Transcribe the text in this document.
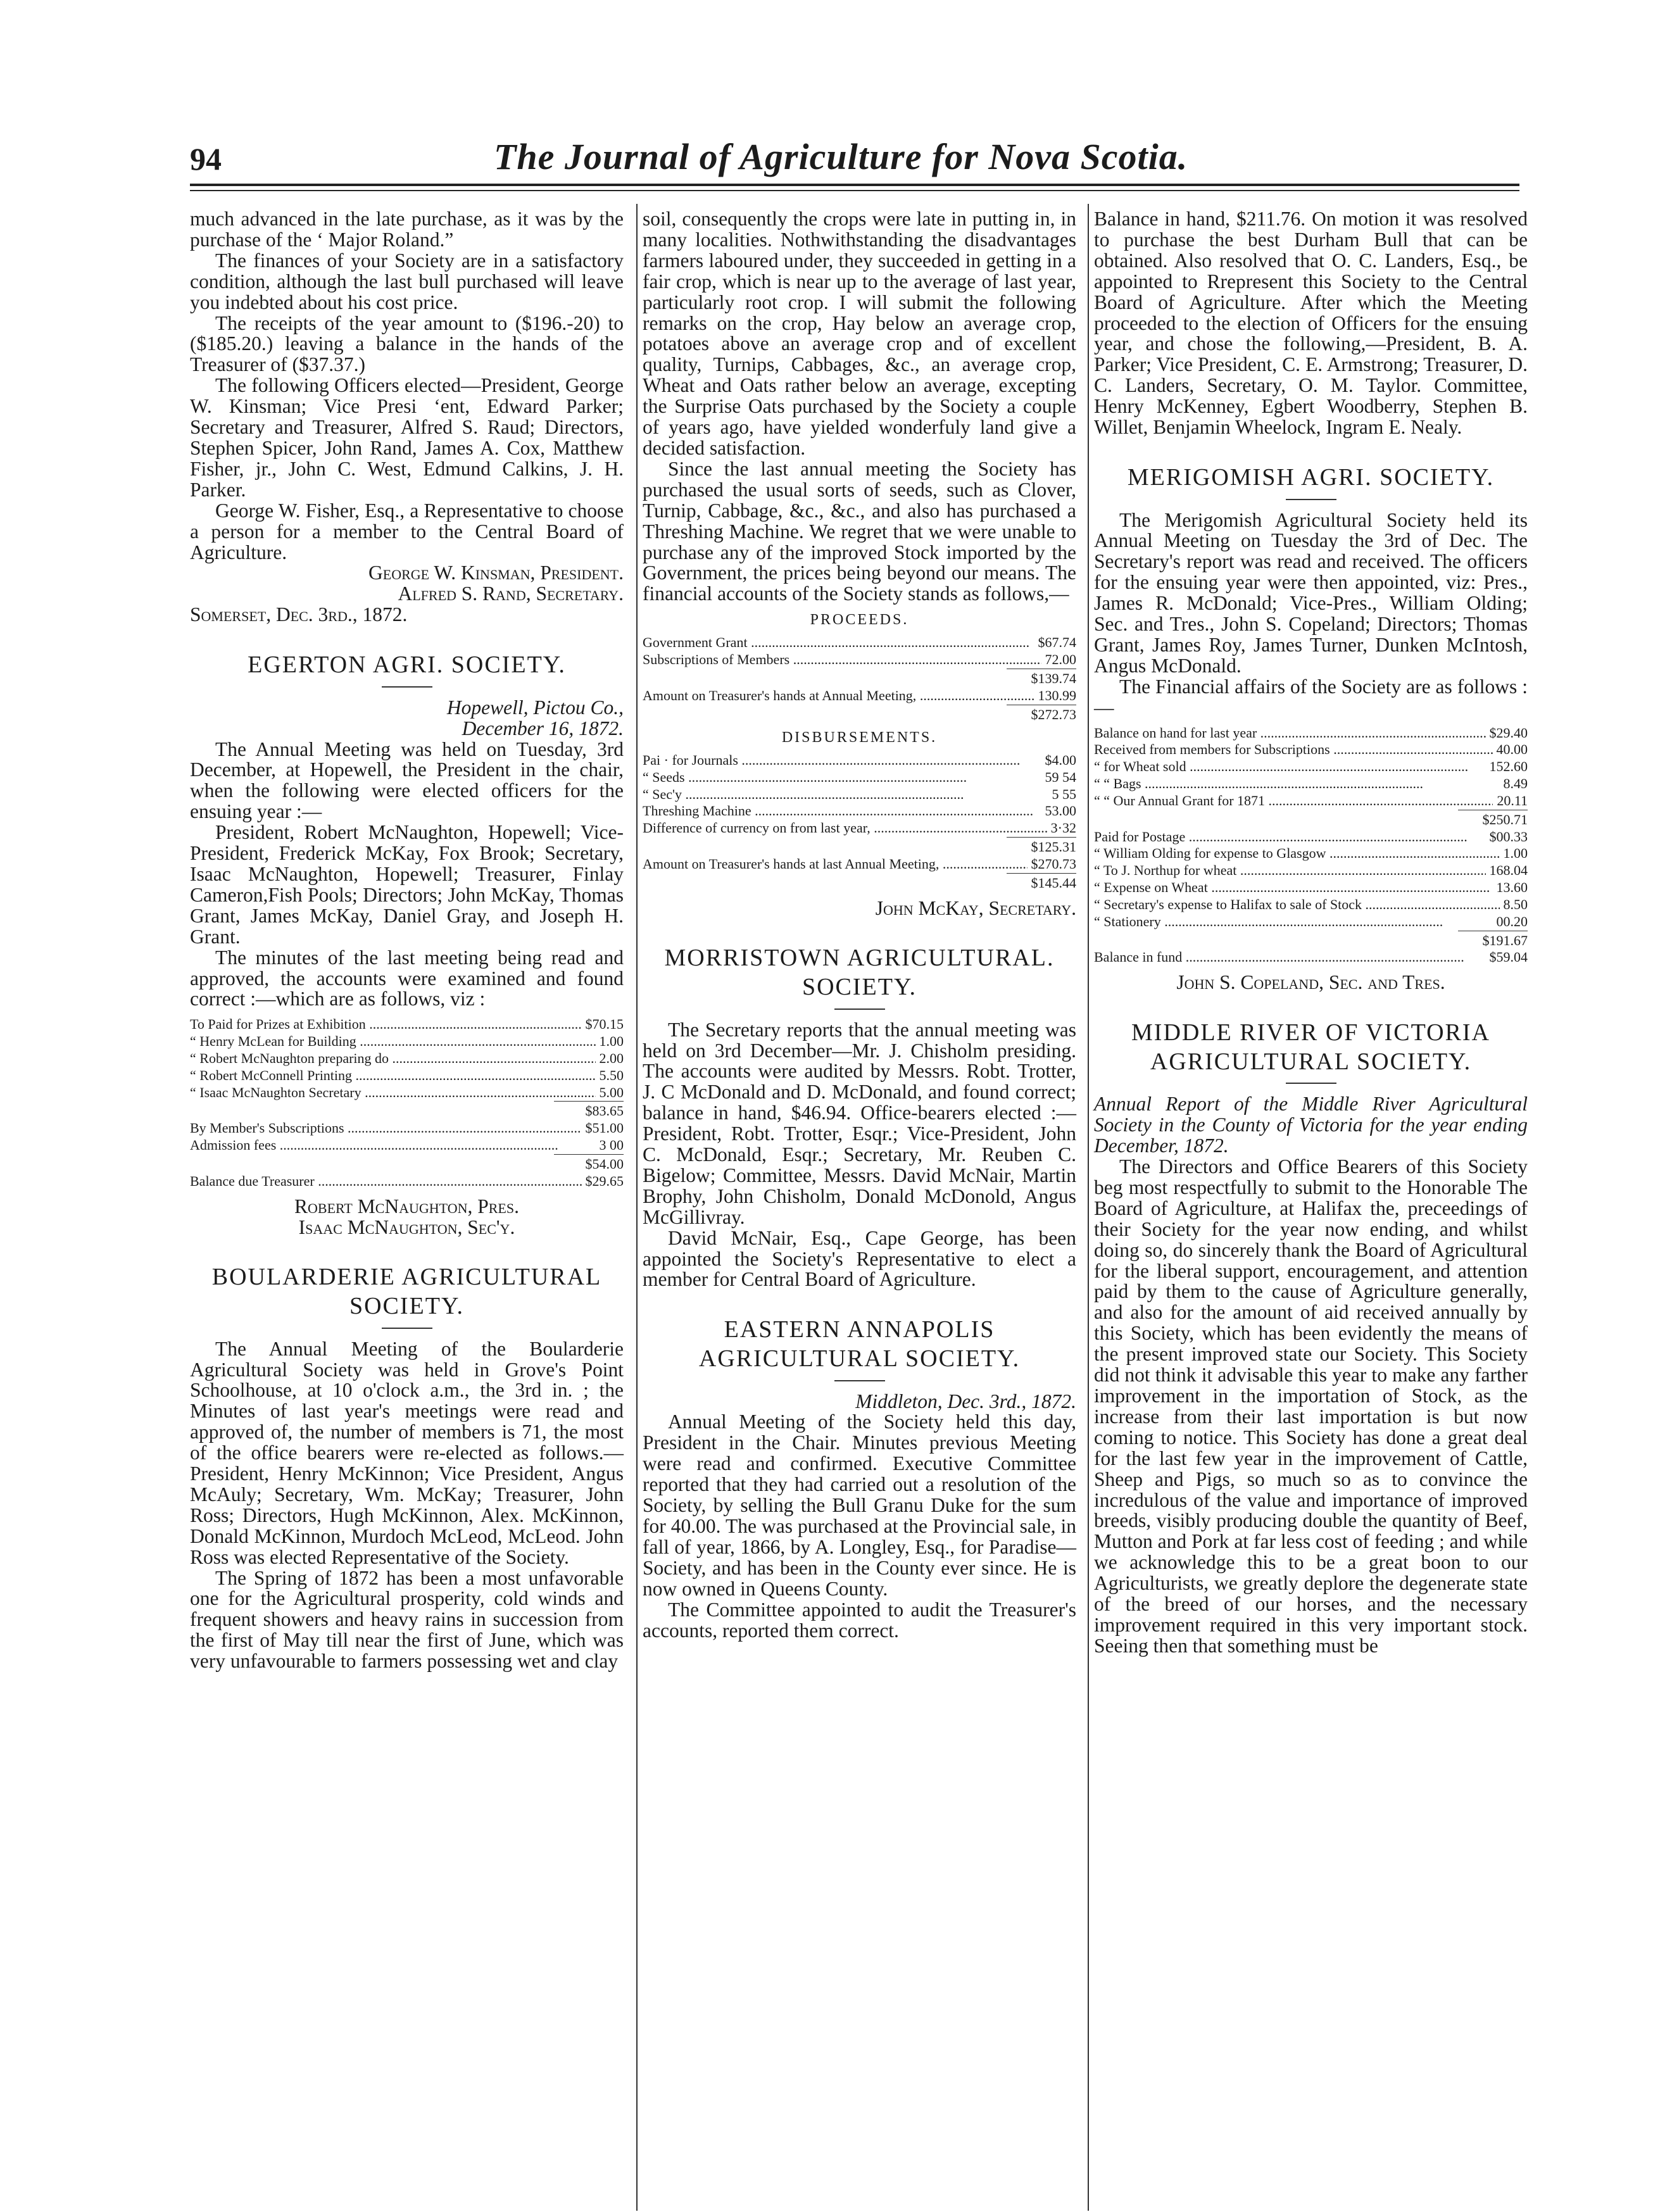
94	The Journal of Agriculture for Nova Scotia.

much advanced in the late purchase, as it was by the purchase of the ‘ Major Roland.”

The finances of your Society are in a satisfactory condition, although the last bull purchased will leave you indebted about his cost price.

The receipts of the year amount to ($196.-20) to ($185.20.) leaving a balance in the hands of the Treasurer of ($37.37.)

The following Officers elected—President, George W. Kinsman; Vice Presi ‘ent, Edward Parker; Secretary and Treasurer, Alfred S. Raud; Directors, Stephen Spicer, John Rand, James A. Cox, Matthew Fisher, jr., John C. West, Edmund Calkins, J. H. Parker.

George W. Fisher, Esq., a Representative to choose a person for a member to the Central Board of Agriculture.

George W. Kinsman, President.

Alfred S. Rand, Secretary.

Somerset, Dec. 3rd., 1872.

EGERTON AGRI. SOCIETY.

Hopewell, Pictou Co.,

December 16, 1872.

The Annual Meeting was held on Tuesday, 3rd December, at Hopewell, the President in the chair, when the following were elected officers for the ensuing year :—

President, Robert McNaughton, Hopewell; Vice-President, Frederick McKay, Fox Brook; Secretary, Isaac McNaughton, Hopewell; Treasurer, Finlay Cameron,Fish Pools; Directors; John McKay, Thomas Grant, James McKay, Daniel Gray, and Joseph H. Grant.

The minutes of the last meeting being read and approved, the accounts were examined and found correct :—which are as follows, viz :

To Paid for Prizes at Exhibition .....	$70.15
“ Henry McLean for Building .....	1.00
“ Robert McNaughton preparing do .....	2.00
“ Robert McConnell Printing .....	5.50
“ Isaac McNaughton Secretary .....	5.00
$83.65
By Member's Subscriptions .....	$51.00
Admission fees .....	3 00
$54.00
Balance due Treasurer .....	$29.65

Robert McNaughton, Pres.

Isaac McNaughton, Sec'y.

BOULARDERIE AGRICULTURAL SOCIETY.

The Annual Meeting of the Boularderie Agricultural Society was held in Grove's Point Schoolhouse, at 10 o'clock a.m., the 3rd in. ; the Minutes of last year's meetings were read and approved of, the number of members is 71, the most of the office bearers were re-elected as follows.—President, Henry McKinnon; Vice President, Angus McAuly; Secretary, Wm. McKay; Treasurer, John Ross; Directors, Hugh McKinnon, Alex. McKinnon, Donald McKinnon, Murdoch McLeod, McLeod. John Ross was elected Representative of the Society.

The Spring of 1872 has been a most unfavorable one for the Agricultural prosperity, cold winds and frequent showers and heavy rains in succession from the first of May till near the first of June, which was very unfavourable to farmers possessing wet and clay

soil, consequently the crops were late in putting in, in many localities. Nothwithstanding the disadvantages farmers laboured under, they succeeded in getting in a fair crop, which is near up to the average of last year, particularly root crop. I will submit the following remarks on the crop, Hay below an average crop, potatoes above an average crop and of excellent quality, Turnips, Cabbages, &c., an average crop, Wheat and Oats rather below an average, excepting the Surprise Oats purchased by the Society a couple of years ago, have yielded wonderfuly land give a decided satisfaction.

Since the last annual meeting the Society has purchased the usual sorts of seeds, such as Clover, Turnip, Cabbage, &c., &c., and also has purchased a Threshing Machine. We regret that we were unable to purchase any of the improved Stock imported by the Government, the prices being beyond our means. The financial accounts of the Society stands as follows,—

PROCEEDS.
Government Grant .....	$67.74
Subscriptions of Members .....	72.00
$139.74
Amount on Treasurer's hands at Annual Meeting, .....	130.99
$272.73
DISBURSEMENTS.
Pai · for Journals .....	$4.00
“ Seeds .....	59 54
“ Sec'y .....	5 55
Threshing Machine .....	53.00
Difference of currency on from last year, .....	3·32
$125.31
Amount on Treasurer's hands at last Annual Meeting, .....	$270.73
$145.44

John McKay, Secretary.

MORRISTOWN AGRICULTURAL. SOCIETY.

The Secretary reports that the annual meeting was held on 3rd December—Mr. J. Chisholm presiding. The accounts were audited by Messrs. Robt. Trotter, J. C McDonald and D. McDonald, and found correct; balance in hand, $46.94. Office-bearers elected :—President, Robt. Trotter, Esqr.; Vice-President, John C. McDonald, Esqr.; Secretary, Mr. Reuben C. Bigelow; Committee, Messrs. David McNair, Martin Brophy, John Chisholm, Donald McDonold, Angus McGillivray.

David McNair, Esq., Cape George, has been appointed the Society's Representative to elect a member for Central Board of Agriculture.

EASTERN ANNAPOLIS AGRICULTURAL SOCIETY.

Middleton, Dec. 3rd., 1872.

Annual Meeting of the Society held this day, President in the Chair. Minutes previous Meeting were read and confirmed. Executive Committee reported that they had carried out a resolution of the Society, by selling the Bull Granu Duke for the sum for 40.00. The was purchased at the Provincial sale, in fall of year, 1866, by A. Longley, Esq., for Paradise—Society, and has been in the County ever since. He is now owned in Queens County.

The Committee appointed to audit the Treasurer's accounts, reported them correct.

Balance in hand, $211.76. On motion it was resolved to purchase the best Durham Bull that can be obtained. Also resolved that O. C. Landers, Esq., be appointed to Rrepresent this Society to the Central Board of Agriculture. After which the Meeting proceeded to the election of Officers for the ensuing year, and chose the following,—President, B. A. Parker; Vice President, C. E. Armstrong; Treasurer, D. C. Landers, Secretary, O. M. Taylor. Committee, Henry McKenney, Egbert Woodberry, Stephen B. Willet, Benjamin Wheelock, Ingram E. Nealy.

MERIGOMISH AGRI. SOCIETY.

The Merigomish Agricultural Society held its Annual Meeting on Tuesday the 3rd of Dec. The Secretary's report was read and received. The officers for the ensuing year were then appointed, viz: Pres., James R. McDonald; Vice-Pres., William Olding; Sec. and Tres., John S. Copeland; Directors; Thomas Grant, James Roy, James Turner, Dunken McIntosh, Angus McDonald.

The Financial affairs of the Society are as follows :—

Balance on hand for last year .....	$29.40
Received from members for Subscriptions .....	40.00
“ for Wheat sold .....	152.60
“ “ Bags .....	8.49
“ “ Our Annual Grant for 1871 .....	20.11
$250.71
Paid for Postage .....	$00.33
“ William Olding for expense to Glasgow .....	1.00
“ To J. Northup for wheat .....	168.04
“ Expense on Wheat .....	13.60
“ Secretary's expense to Halifax to sale of Stock .....	8.50
“ Stationery .....	00.20
$191.67
Balance in fund .....	$59.04

John S. Copeland, Sec. and Tres.

MIDDLE RIVER OF VICTORIA AGRICULTURAL SOCIETY.

Annual Report of the Middle River Agricultural Society in the County of Victoria for the year ending December, 1872.

The Directors and Office Bearers of this Society beg most respectfully to submit to the Honorable The Board of Agriculture, at Halifax the, preceedings of their Society for the year now ending, and whilst doing so, do sincerely thank the Board of Agricultural for the liberal support, encouragement, and attention paid by them to the cause of Agriculture generally, and also for the amount of aid received annually by this Society, which has been evidently the means of the present improved state our Society. This Society did not think it advisable this year to make any farther improvement in the importation of Stock, as the increase from their last importation is but now coming to notice. This Society has done a great deal for the last few year in the improvement of Cattle, Sheep and Pigs, so much so as to convince the incredulous of the value and importance of improved breeds, visibly producing double the quantity of Beef, Mutton and Pork at far less cost of feeding ; and while we acknowledge this to be a great boon to our Agriculturists, we greatly deplore the degenerate state of the breed of our horses, and the necessary improvement required in this very important stock. Seeing then that something must be
